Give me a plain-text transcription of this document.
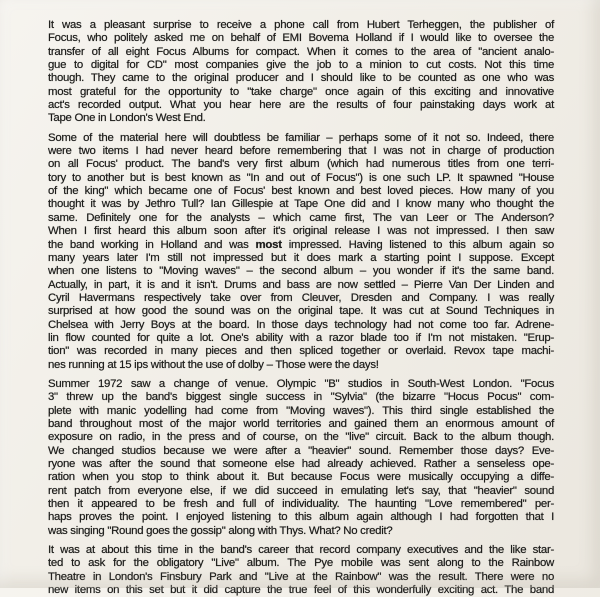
It was a pleasant surprise to receive a phone call from Hubert Terheggen, the publisher of
Focus, who politely asked me on behalf of EMI Bovema Holland if I would like to oversee the
transfer of all eight Focus Albums for compact. When it comes to the area of "ancient analo-
gue to digital for CD" most companies give the job to a minion to cut costs. Not this time
though. They came to the original producer and I should like to be counted as one who was
most grateful for the opportunity to "take charge" once again of this exciting and innovative
act's recorded output. What you hear here are the results of four painstaking days work at
Tape One in London's West End.
Some of the material here will doubtless be familiar – perhaps some of it not so. Indeed, there
were two items I had never heard before remembering that I was not in charge of production
on all Focus' product. The band's very first album (which had numerous titles from one terri-
tory to another but is best known as "In and out of Focus") is one such LP. It spawned "House
of the king" which became one of Focus' best known and best loved pieces. How many of you
thought it was by Jethro Tull? Ian Gillespie at Tape One did and I know many who thought the
same. Definitely one for the analysts – which came first, The van Leer or The Anderson?
When I first heard this album soon after it's original release I was not impressed. I then saw
the band working in Holland and was most impressed. Having listened to this album again so
many years later I'm still not impressed but it does mark a starting point I suppose. Except
when one listens to "Moving waves" – the second album – you wonder if it's the same band.
Actually, in part, it is and it isn't. Drums and bass are now settled – Pierre Van Der Linden and
Cyril Havermans respectively take over from Cleuver, Dresden and Company. I was really
surprised at how good the sound was on the original tape. It was cut at Sound Techniques in
Chelsea with Jerry Boys at the board. In those days technology had not come too far. Adrene-
lin flow counted for quite a lot. One's ability with a razor blade too if I'm not mistaken. "Erup-
tion" was recorded in many pieces and then spliced together or overlaid. Revox tape machi-
nes running at 15 ips without the use of dolby – Those were the days!
Summer 1972 saw a change of venue. Olympic "B" studios in South-West London. "Focus
3" threw up the band's biggest single success in "Sylvia" (the bizarre "Hocus Pocus" com-
plete with manic yodelling had come from "Moving waves"). This third single established the
band throughout most of the major world territories and gained them an enormous amount of
exposure on radio, in the press and of course, on the "live" circuit. Back to the album though.
We changed studios because we were after a "heavier" sound. Remember those days? Eve-
ryone was after the sound that someone else had already achieved. Rather a senseless ope-
ration when you stop to think about it. But because Focus were musically occupying a diffe-
rent patch from everyone else, if we did succeed in emulating let's say, that "heavier" sound
then it appeared to be fresh and full of individuality. The haunting "Love remembered" per-
haps proves the point. I enjoyed listening to this album again although I had forgotten that I
was singing "Round goes the gossip" along with Thys. What? No credit?
It was at about this time in the band's career that record company executives and the like star-
ted to ask for the obligatory "Live" album. The Pye mobile was sent along to the Rainbow
Theatre in London's Finsbury Park and "Live at the Rainbow" was the result. There were no
new items on this set but it did capture the true feel of this wonderfully exciting act. The band
